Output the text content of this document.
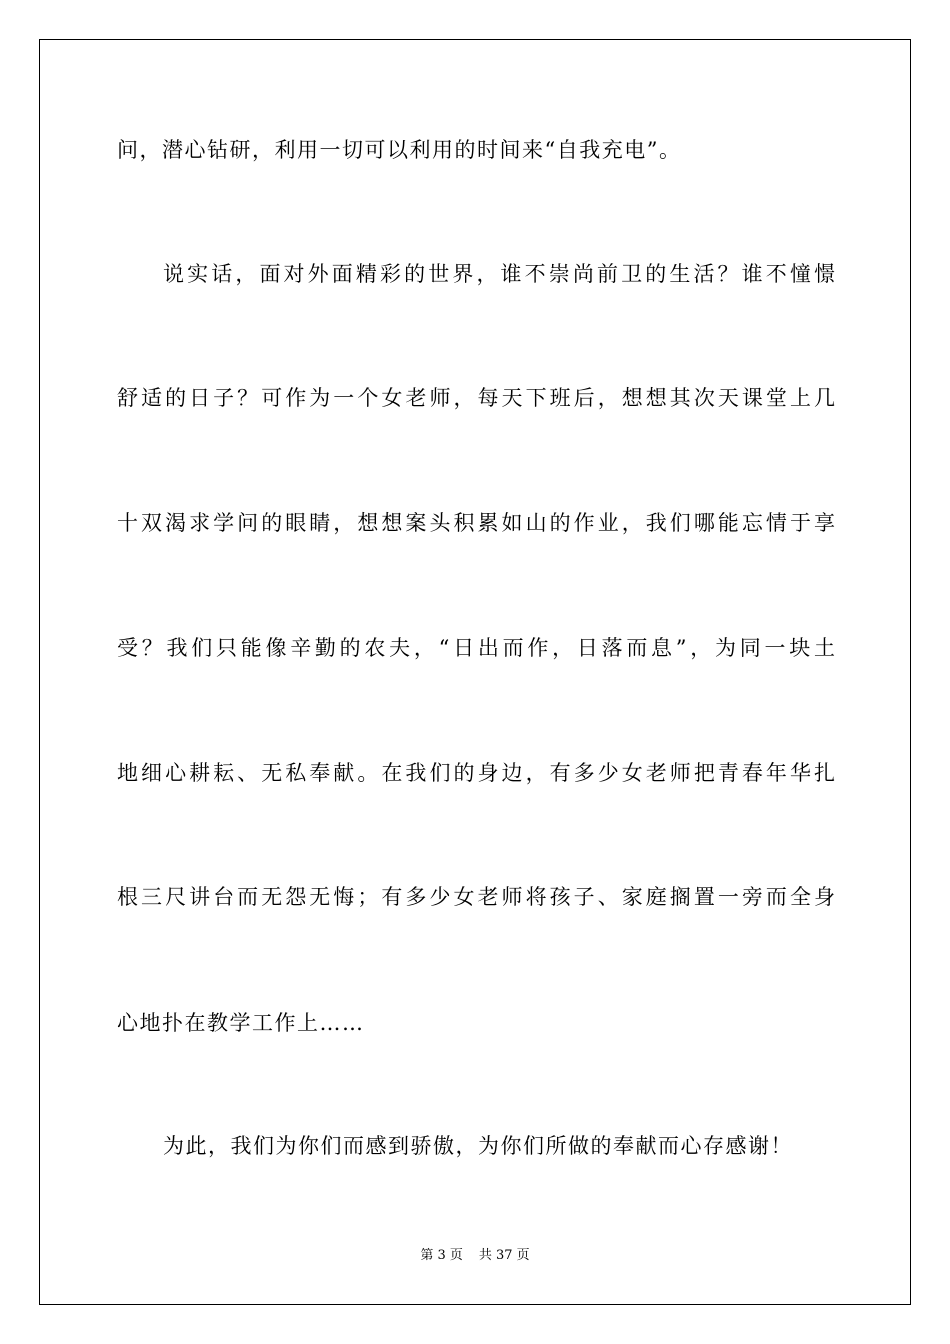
问，潜心钻研，利用一切可以利用的时间来“自我充电”。
说实话，面对外面精彩的世界，谁不崇尚前卫的生活？谁不憧憬
舒适的日子？可作为一个女老师，每天下班后，想想其次天课堂上几
十双渴求学问的眼睛，想想案头积累如山的作业，我们哪能忘情于享
受？我们只能像辛勤的农夫，“日出而作，日落而息”，为同一块土
地细心耕耘、无私奉献。在我们的身边，有多少女老师把青春年华扎
根三尺讲台而无怨无悔；有多少女老师将孩子、家庭搁置一旁而全身
心地扑在教学工作上……
为此，我们为你们而感到骄傲，为你们所做的奉献而心存感谢！
第 3 页 共 37 页
